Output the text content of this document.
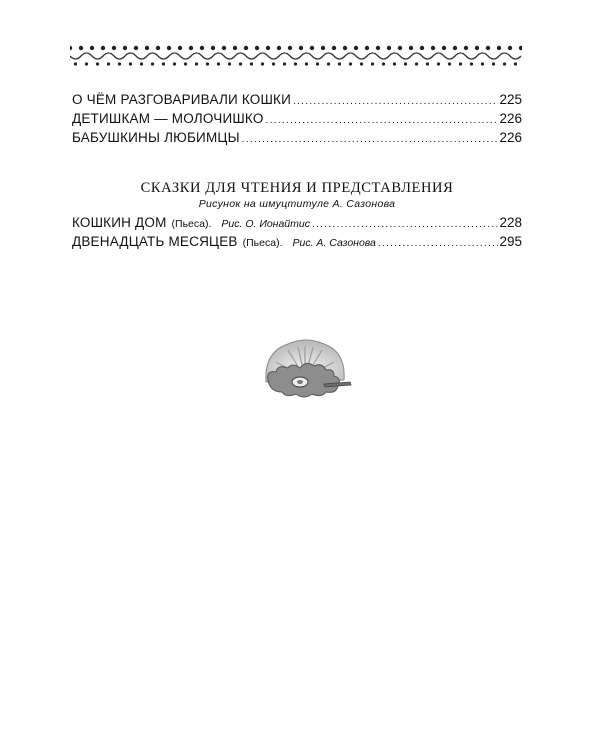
О ЧЁМ РАЗГОВАРИВАЛИ КОШКИ .....	225
ДЕТИШКАМ — МОЛОЧИШКО .....	226
БАБУШКИНЫ ЛЮБИМЦЫ .....	226
СКАЗКИ ДЛЯ ЧТЕНИЯ И ПРЕДСТАВЛЕНИЯ
Рисунок на шмуцтитуле А. Сазонова
КОШКИН ДОМ (Пьеса). Рис. О. Ионайтис .....	228
ДВЕНАДЦАТЬ МЕСЯЦЕВ (Пьеса). Рис. А. Сазонова .....	295
